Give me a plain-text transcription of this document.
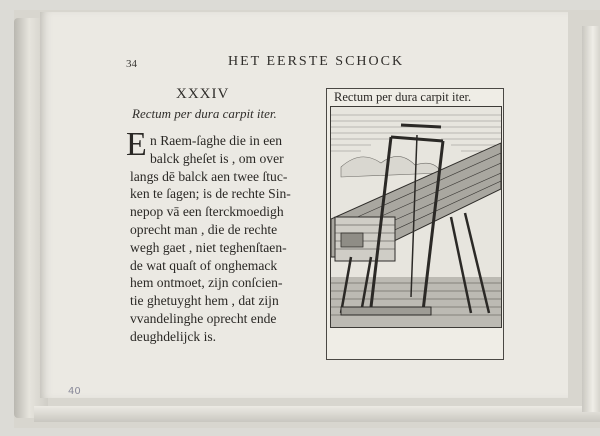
34	HET EERSTE SCHOCK
XXXIV
Rectum per dura carpit iter.
E n Raem-ſaghe die in een
balck gheſet is , om over
langs dē balck aen twee ſtuc-
ken te ſagen; is de rechte Sin-
nepop vā een ſterckmoedigh
oprecht man , die de rechte
wegh gaet , niet teghenſtaen-
de wat quaſt of onghemack
hem ontmoet, zijn conſcien-
tie ghetuyght hem , dat zijn
vvandelinghe oprecht ende
deughdelijck is.
Rectum per dura carpit iter.
40
